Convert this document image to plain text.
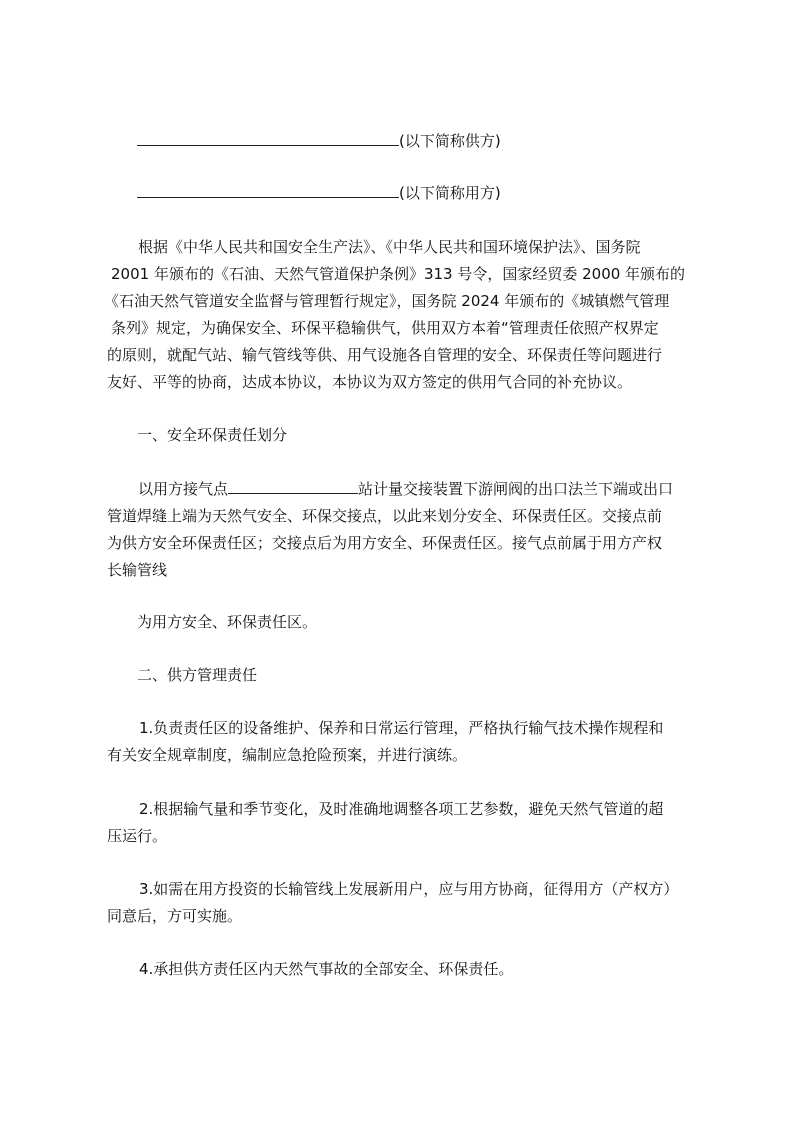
(以下简称供方)
(以下简称用方)
根据《中华人民共和国安全生产法》、《中华人民共和国环境保护法》、国务院
2001 年颁布的《石油、天然气管道保护条例》313 号令，国家经贸委 2000 年颁布的
《石油天然气管道安全监督与管理暂行规定》，国务院 2024 年颁布的《城镇燃气管理
条列》规定，为确保安全、环保平稳输供气，供用双方本着“管理责任依照产权界定
的原则，就配气站、输气管线等供、用气设施各自管理的安全、环保责任等问题进行
友好、平等的协商，达成本协议，本协议为双方签定的供用气合同的补充协议。
一、安全环保责任划分
以用方接气点	站计量交接装置下游闸阀的出口法兰下端或出口
管道焊缝上端为天然气安全、环保交接点，以此来划分安全、环保责任区。交接点前
为供方安全环保责任区；交接点后为用方安全、环保责任区。接气点前属于用方产权
长输管线
为用方安全、环保责任区。
二、供方管理责任
1.负责责任区的设备维护、保养和日常运行管理，严格执行输气技术操作规程和
有关安全规章制度，编制应急抢险预案，并进行演练。
2.根据输气量和季节变化，及时准确地调整各项工艺参数，避免天然气管道的超
压运行。
3.如需在用方投资的长输管线上发展新用户，应与用方协商，征得用方（产权方）
同意后，方可实施。
4.承担供方责任区内天然气事故的全部安全、环保责任。
